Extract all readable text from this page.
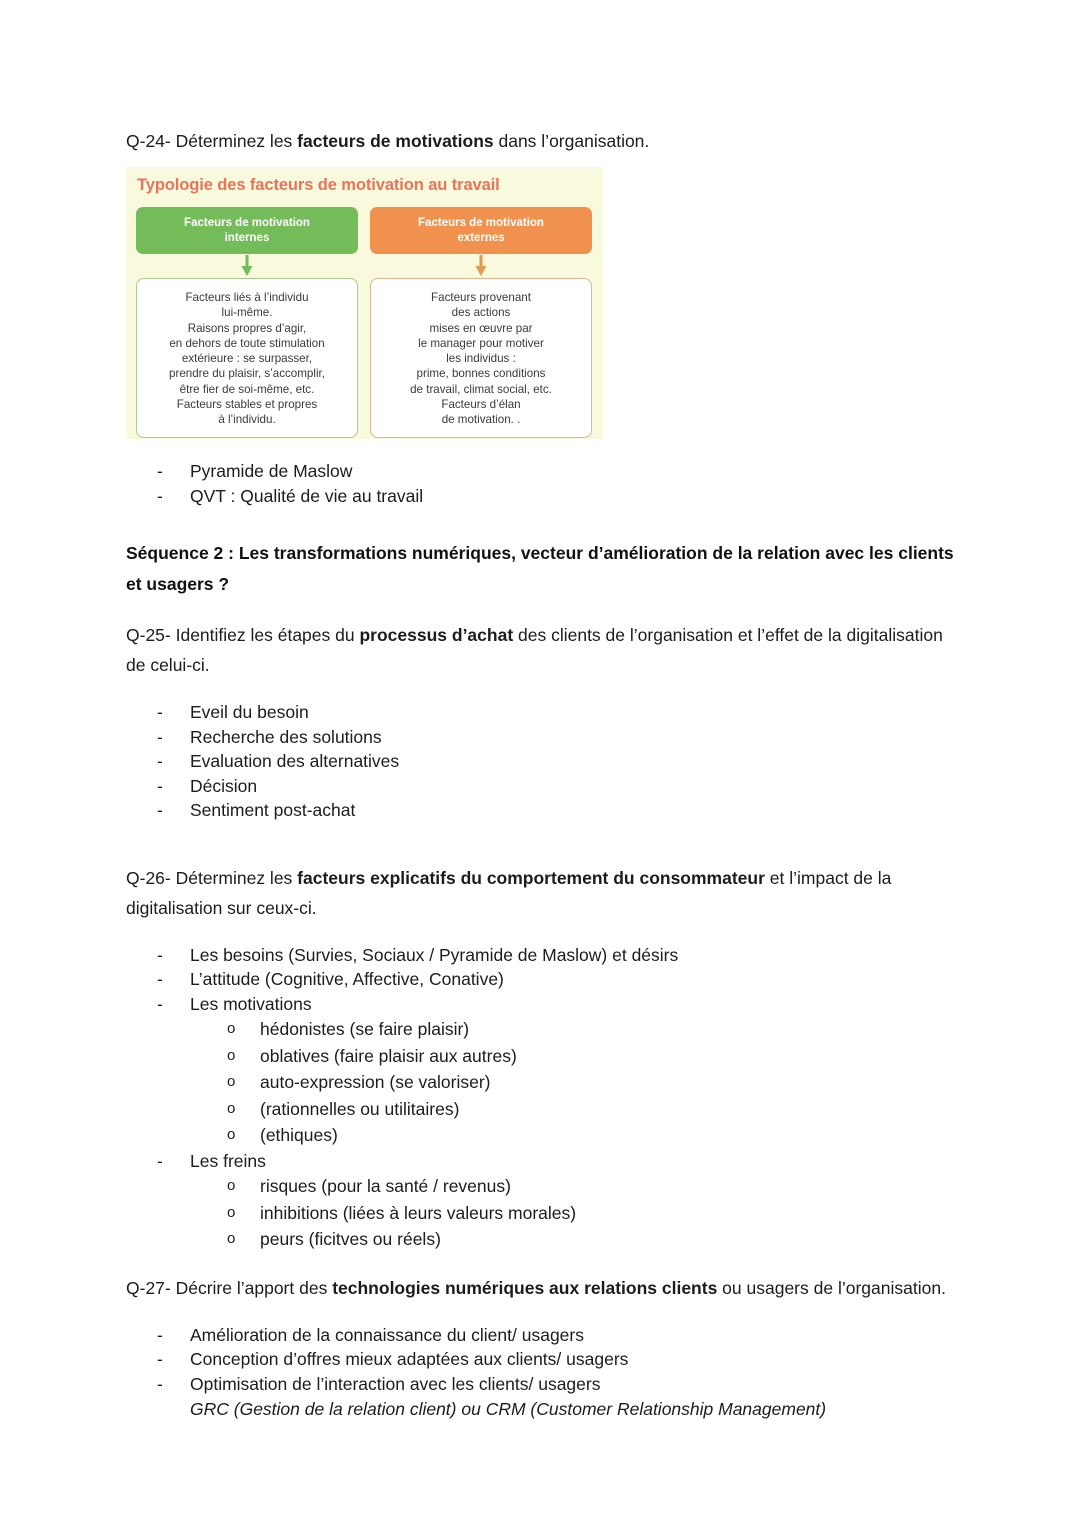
Q-24- Déterminez les facteurs de motivations dans l’organisation.

Typologie des facteurs de motivation au travail
Facteurs de motivation
internes
Facteurs liés à l’individu
lui-même.
Raisons propres d’agir,
en dehors de toute stimulation
extérieure : se surpasser,
prendre du plaisir, s’accomplir,
être fier de soi-même, etc.
Facteurs stables et propres
à l’individu.
Facteurs de motivation
externes
Facteurs provenant
des actions
mises en œuvre par
le manager pour motiver
les individus :
prime, bonnes conditions
de travail, climat social, etc.
Facteurs d’élan
de motivation. .
- Pyramide de Maslow
- QVT : Qualité de vie au travail

Séquence 2 : Les transformations numériques, vecteur d’amélioration de la relation avec les clients et usagers ?

Q-25- Identifiez les étapes du processus d’achat des clients de l’organisation et l’effet de la digitalisation de celui-ci.

- Eveil du besoin
- Recherche des solutions
- Evaluation des alternatives
- Décision
- Sentiment post-achat

Q-26- Déterminez les facteurs explicatifs du comportement du consommateur et l’impact de la digitalisation sur ceux-ci.

- Les besoins (Survies, Sociaux / Pyramide de Maslow) et désirs
- L’attitude (Cognitive, Affective, Conative)
- Les motivations
o hédonistes (se faire plaisir)
o oblatives (faire plaisir aux autres)
o auto-expression (se valoriser)
o (rationnelles ou utilitaires)
o (ethiques)
- Les freins
o risques (pour la santé / revenus)
o inhibitions (liées à leurs valeurs morales)
o peurs (ficitves ou réels)

Q-27- Décrire l’apport des technologies numériques aux relations clients ou usagers de l’organisation.

- Amélioration de la connaissance du client/ usagers
- Conception d’offres mieux adaptées aux clients/ usagers
- Optimisation de l’interaction avec les clients/ usagers
GRC (Gestion de la relation client) ou CRM (Customer Relationship Management)
